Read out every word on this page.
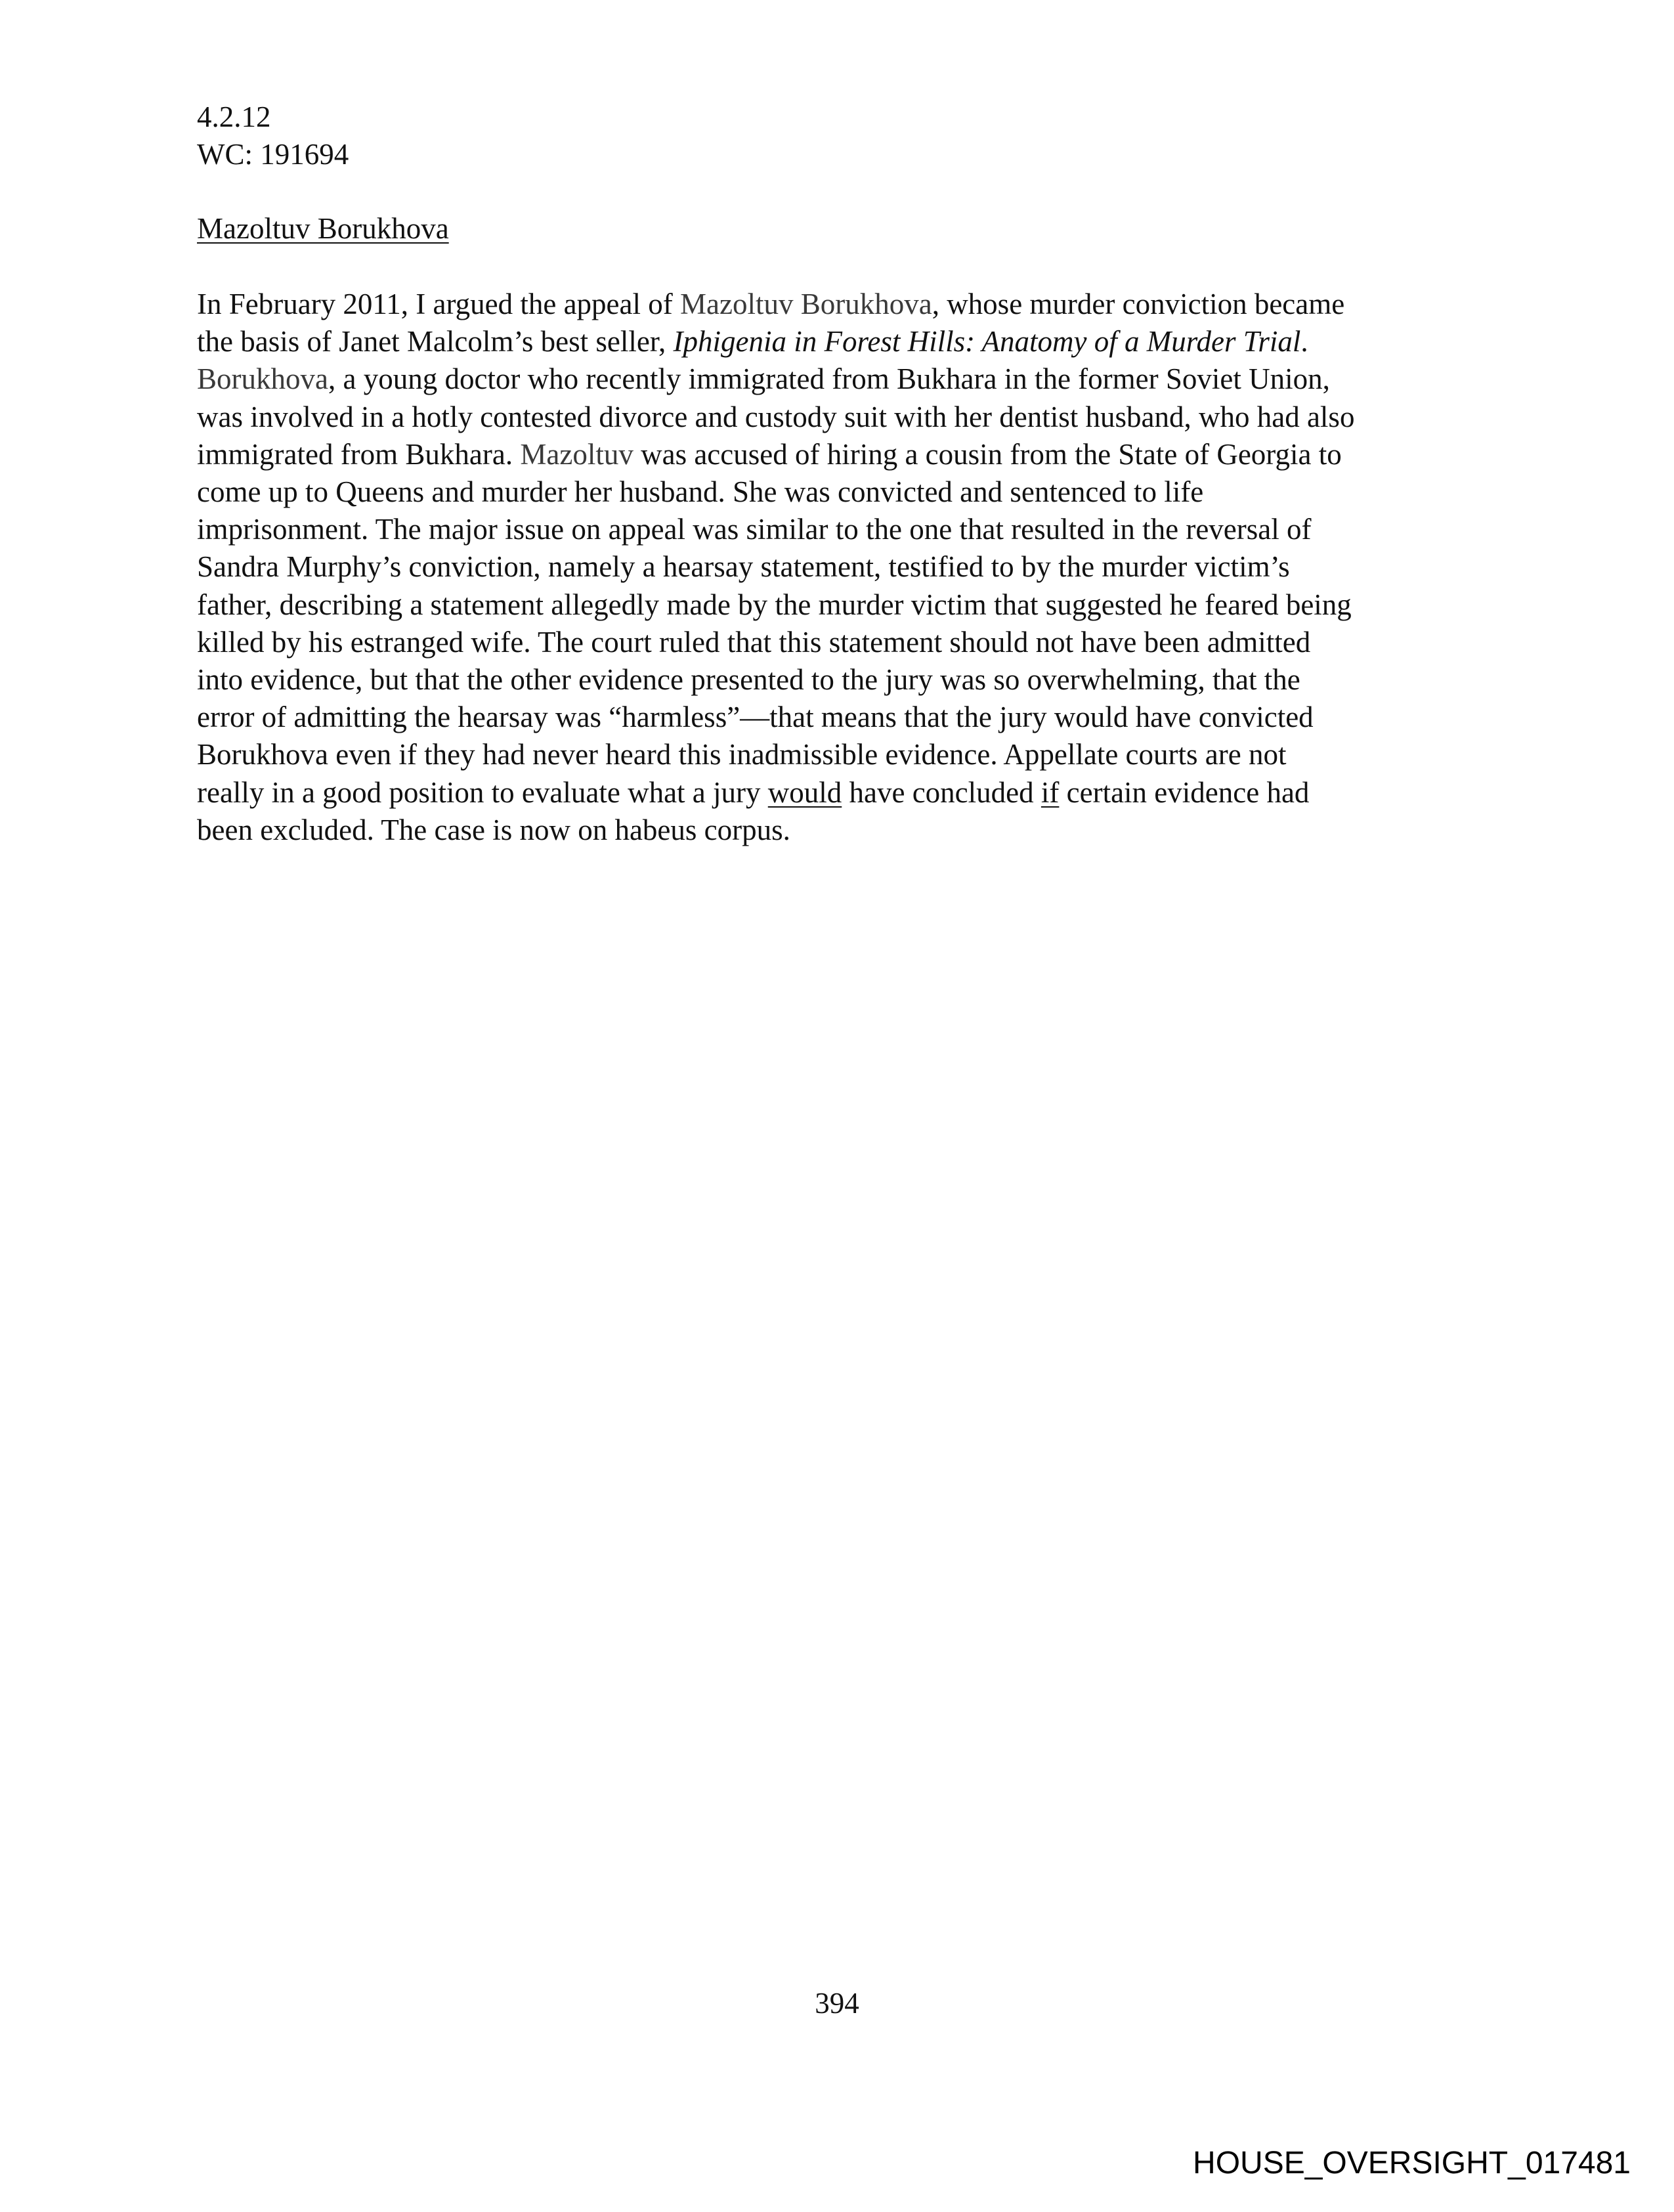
4.2.12
WC: 191694
Mazoltuv Borukhova
In February 2011, I argued the appeal of Mazoltuv Borukhova, whose murder conviction became
the basis of Janet Malcolm’s best seller, Iphigenia in Forest Hills: Anatomy of a Murder Trial.
Borukhova, a young doctor who recently immigrated from Bukhara in the former Soviet Union,
was involved in a hotly contested divorce and custody suit with her dentist husband, who had also
immigrated from Bukhara. Mazoltuv was accused of hiring a cousin from the State of Georgia to
come up to Queens and murder her husband. She was convicted and sentenced to life
imprisonment. The major issue on appeal was similar to the one that resulted in the reversal of
Sandra Murphy’s conviction, namely a hearsay statement, testified to by the murder victim’s
father, describing a statement allegedly made by the murder victim that suggested he feared being
killed by his estranged wife. The court ruled that this statement should not have been admitted
into evidence, but that the other evidence presented to the jury was so overwhelming, that the
error of admitting the hearsay was “harmless”—that means that the jury would have convicted
Borukhova even if they had never heard this inadmissible evidence. Appellate courts are not
really in a good position to evaluate what a jury would have concluded if certain evidence had
been excluded. The case is now on habeus corpus.
394
HOUSE_OVERSIGHT_017481
